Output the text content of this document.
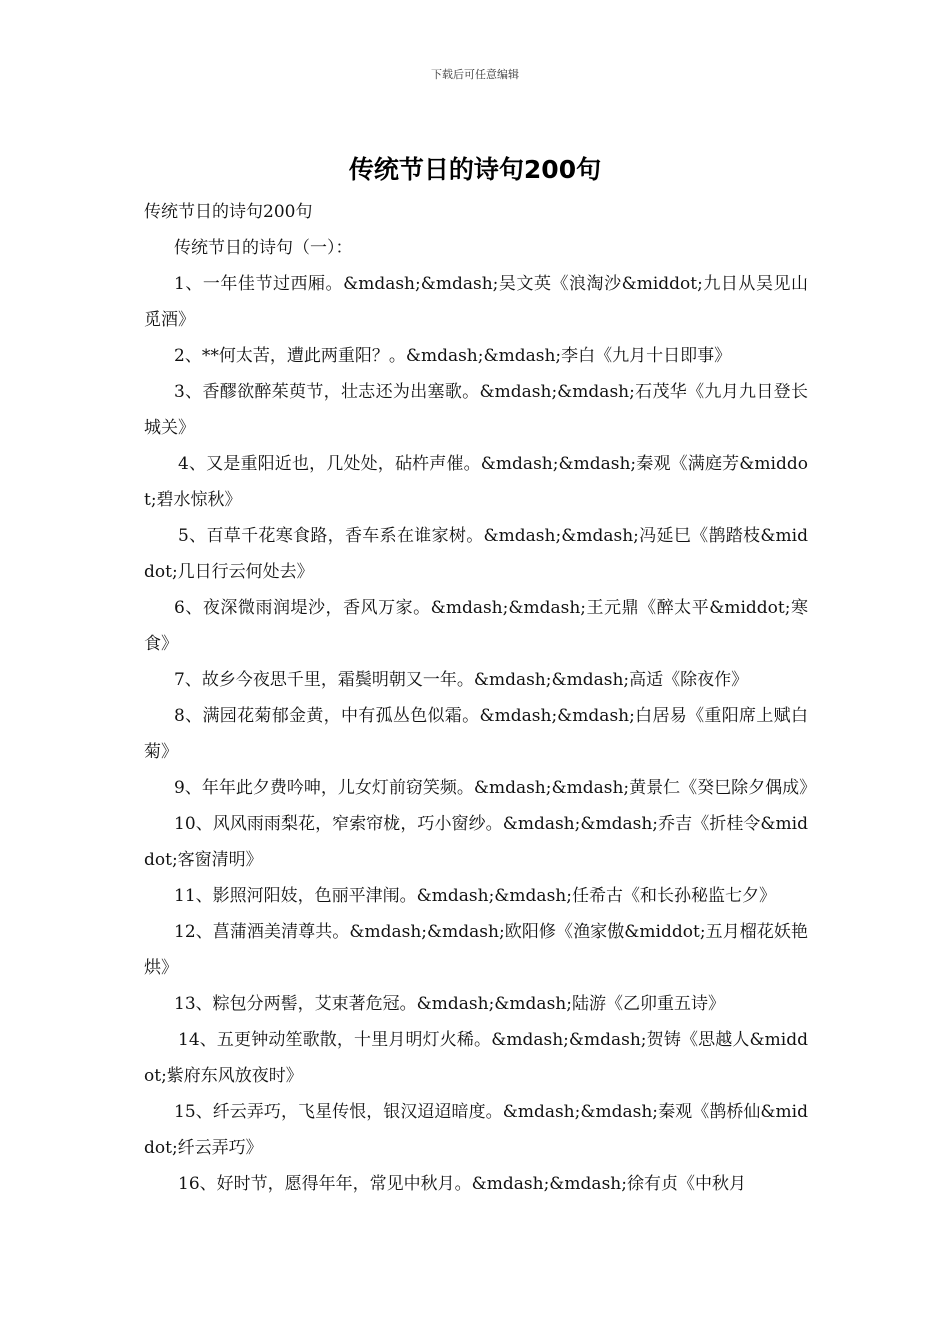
下载后可任意编辑
传统节日的诗句200句

传统节日的诗句200句

传统节日的诗句（一）：

1、一年佳节过西厢。&mdash;&mdash;吴文英《浪淘沙&middot;九日从吴见山觅酒》

2、**何太苦，遭此两重阳？。&mdash;&mdash;李白《九月十日即事》

3、香醪欲醉茱萸节，壮志还为出塞歌。&mdash;&mdash;石茂华《九月九日登长城关》

4、又是重阳近也，几处处，砧杵声催。&mdash;&mdash;秦观《满庭芳&middot;碧水惊秋》

5、百草千花寒食路，香车系在谁家树。&mdash;&mdash;冯延巳《鹊踏枝&middot;几日行云何处去》

6、夜深微雨润堤沙，香风万家。&mdash;&mdash;王元鼎《醉太平&middot;寒食》

7、故乡今夜思千里，霜鬓明朝又一年。&mdash;&mdash;高适《除夜作》

8、满园花菊郁金黄，中有孤丛色似霜。&mdash;&mdash;白居易《重阳席上赋白菊》

9、年年此夕费吟呻，儿女灯前窃笑频。&mdash;&mdash;黄景仁《癸巳除夕偶成》

10、风风雨雨梨花，窄索帘栊，巧小窗纱。&mdash;&mdash;乔吉《折桂令&middot;客窗清明》

11、影照河阳妓，色丽平津闱。&mdash;&mdash;任希古《和长孙秘监七夕》

12、菖蒲酒美清尊共。&mdash;&mdash;欧阳修《渔家傲&middot;五月榴花妖艳烘》

13、粽包分两髻，艾束著危冠。&mdash;&mdash;陆游《乙卯重五诗》

14、五更钟动笙歌散，十里月明灯火稀。&mdash;&mdash;贺铸《思越人&middot;紫府东风放夜时》

15、纤云弄巧，飞星传恨，银汉迢迢暗度。&mdash;&mdash;秦观《鹊桥仙&middot;纤云弄巧》

16、好时节，愿得年年，常见中秋月。&mdash;&mdash;徐有贞《中秋月
